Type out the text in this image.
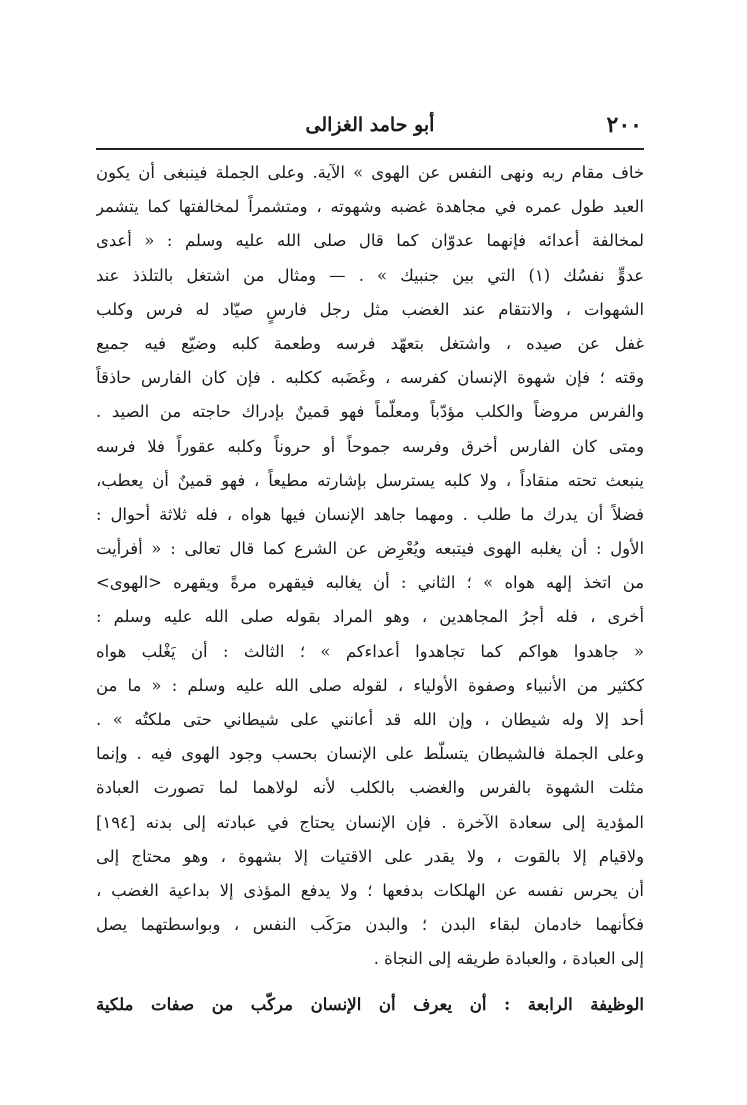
٢٠٠
أبو حامد الغزالى
خاف مقام ربه ونهى النفس عن الهوى » الآية. وعلى الجملة فينبغى أن يكون
العبد طول عمره في مجاهدة غضبه وشهوته ، ومتشمراً لمخالفتها كما يتشمر
لمخالفة أعدائه فإنهما عدوّان كما قال صلى الله عليه وسلم : « أعدى
عدوٍّ نفسُك (١) التي بين جنبيك » . — ومثال من اشتغل بالتلذذ عند
الشهوات ، والانتقام عند الغضب مثل رجل فارسٍ صيّاد له فرس وكلب
غفل عن صيده ، واشتغل بتعهّد فرسه وطعمة كلبه وضيّع فيه جميع
وقته ؛ فإن شهوة الإنسان كفرسه ، وغَضَبه ككلبه . فإن كان الفارس حاذقاً
والفرس مروضاً والكلب مؤدّباً ومعلّماً فهو قمينٌ بإدراك حاجته من الصيد .
ومتى كان الفارس أخرق وفرسه جموحاً أو حروناً وكلبه عقوراً فلا فرسه
ينبعث تحته منقاداً ، ولا كلبه يسترسل بإشارته مطيعاً ، فهو قمينٌ أن يعطب،
فضلاً أن يدرك ما طلب . ومهما جاهد الإنسان فيها هواه ، فله ثلاثة أحوال :
الأول : أن يغلبه الهوى فيتبعه ويُعْرِض عن الشرع كما قال تعالى : « أفرأيت
من اتخذ إلهه هواه » ؛ الثاني : أن يغالبه فيقهره مرةً ويقهره <الهوى>
أخرى ، فله أجرُ المجاهدين ، وهو المراد بقوله صلى الله عليه وسلم :
« جاهدوا هواكم كما تجاهدوا أعداءكم » ؛ الثالث : أن يَغْلب هواه
ككثير من الأنبياء وصفوة الأولياء ، لقوله صلى الله عليه وسلم : « ما من
أحد إلا وله شيطان ، وإن الله قد أعانني على شيطاني حتى ملكتُه » .
وعلى الجملة فالشيطان يتسلّط على الإنسان بحسب وجود الهوى فيه . وإنما
مثلت الشهوة بالفرس والغضب بالكلب لأنه لولاهما لما تصورت العبادة
المؤدية إلى سعادة الآخرة . فإن الإنسان يحتاج في عبادته إلى بدنه [١٩٤]
ولاقيام إلا بالقوت ، ولا يقدر على الاقتيات إلا بشهوة ، وهو محتاج إلى
أن يحرس نفسه عن الهلكات بدفعها ؛ ولا يدفع المؤذى إلا بداعية الغضب ،
فكأنهما خادمان لبقاء البدن ؛ والبدن مرَكَب النفس ، وبواسطتهما يصل
إلى العبادة ، والعبادة طريقه إلى النجاة .
الوظيفة الرابعة : أن يعرف أن الإنسان مركّب من صفات ملكية
